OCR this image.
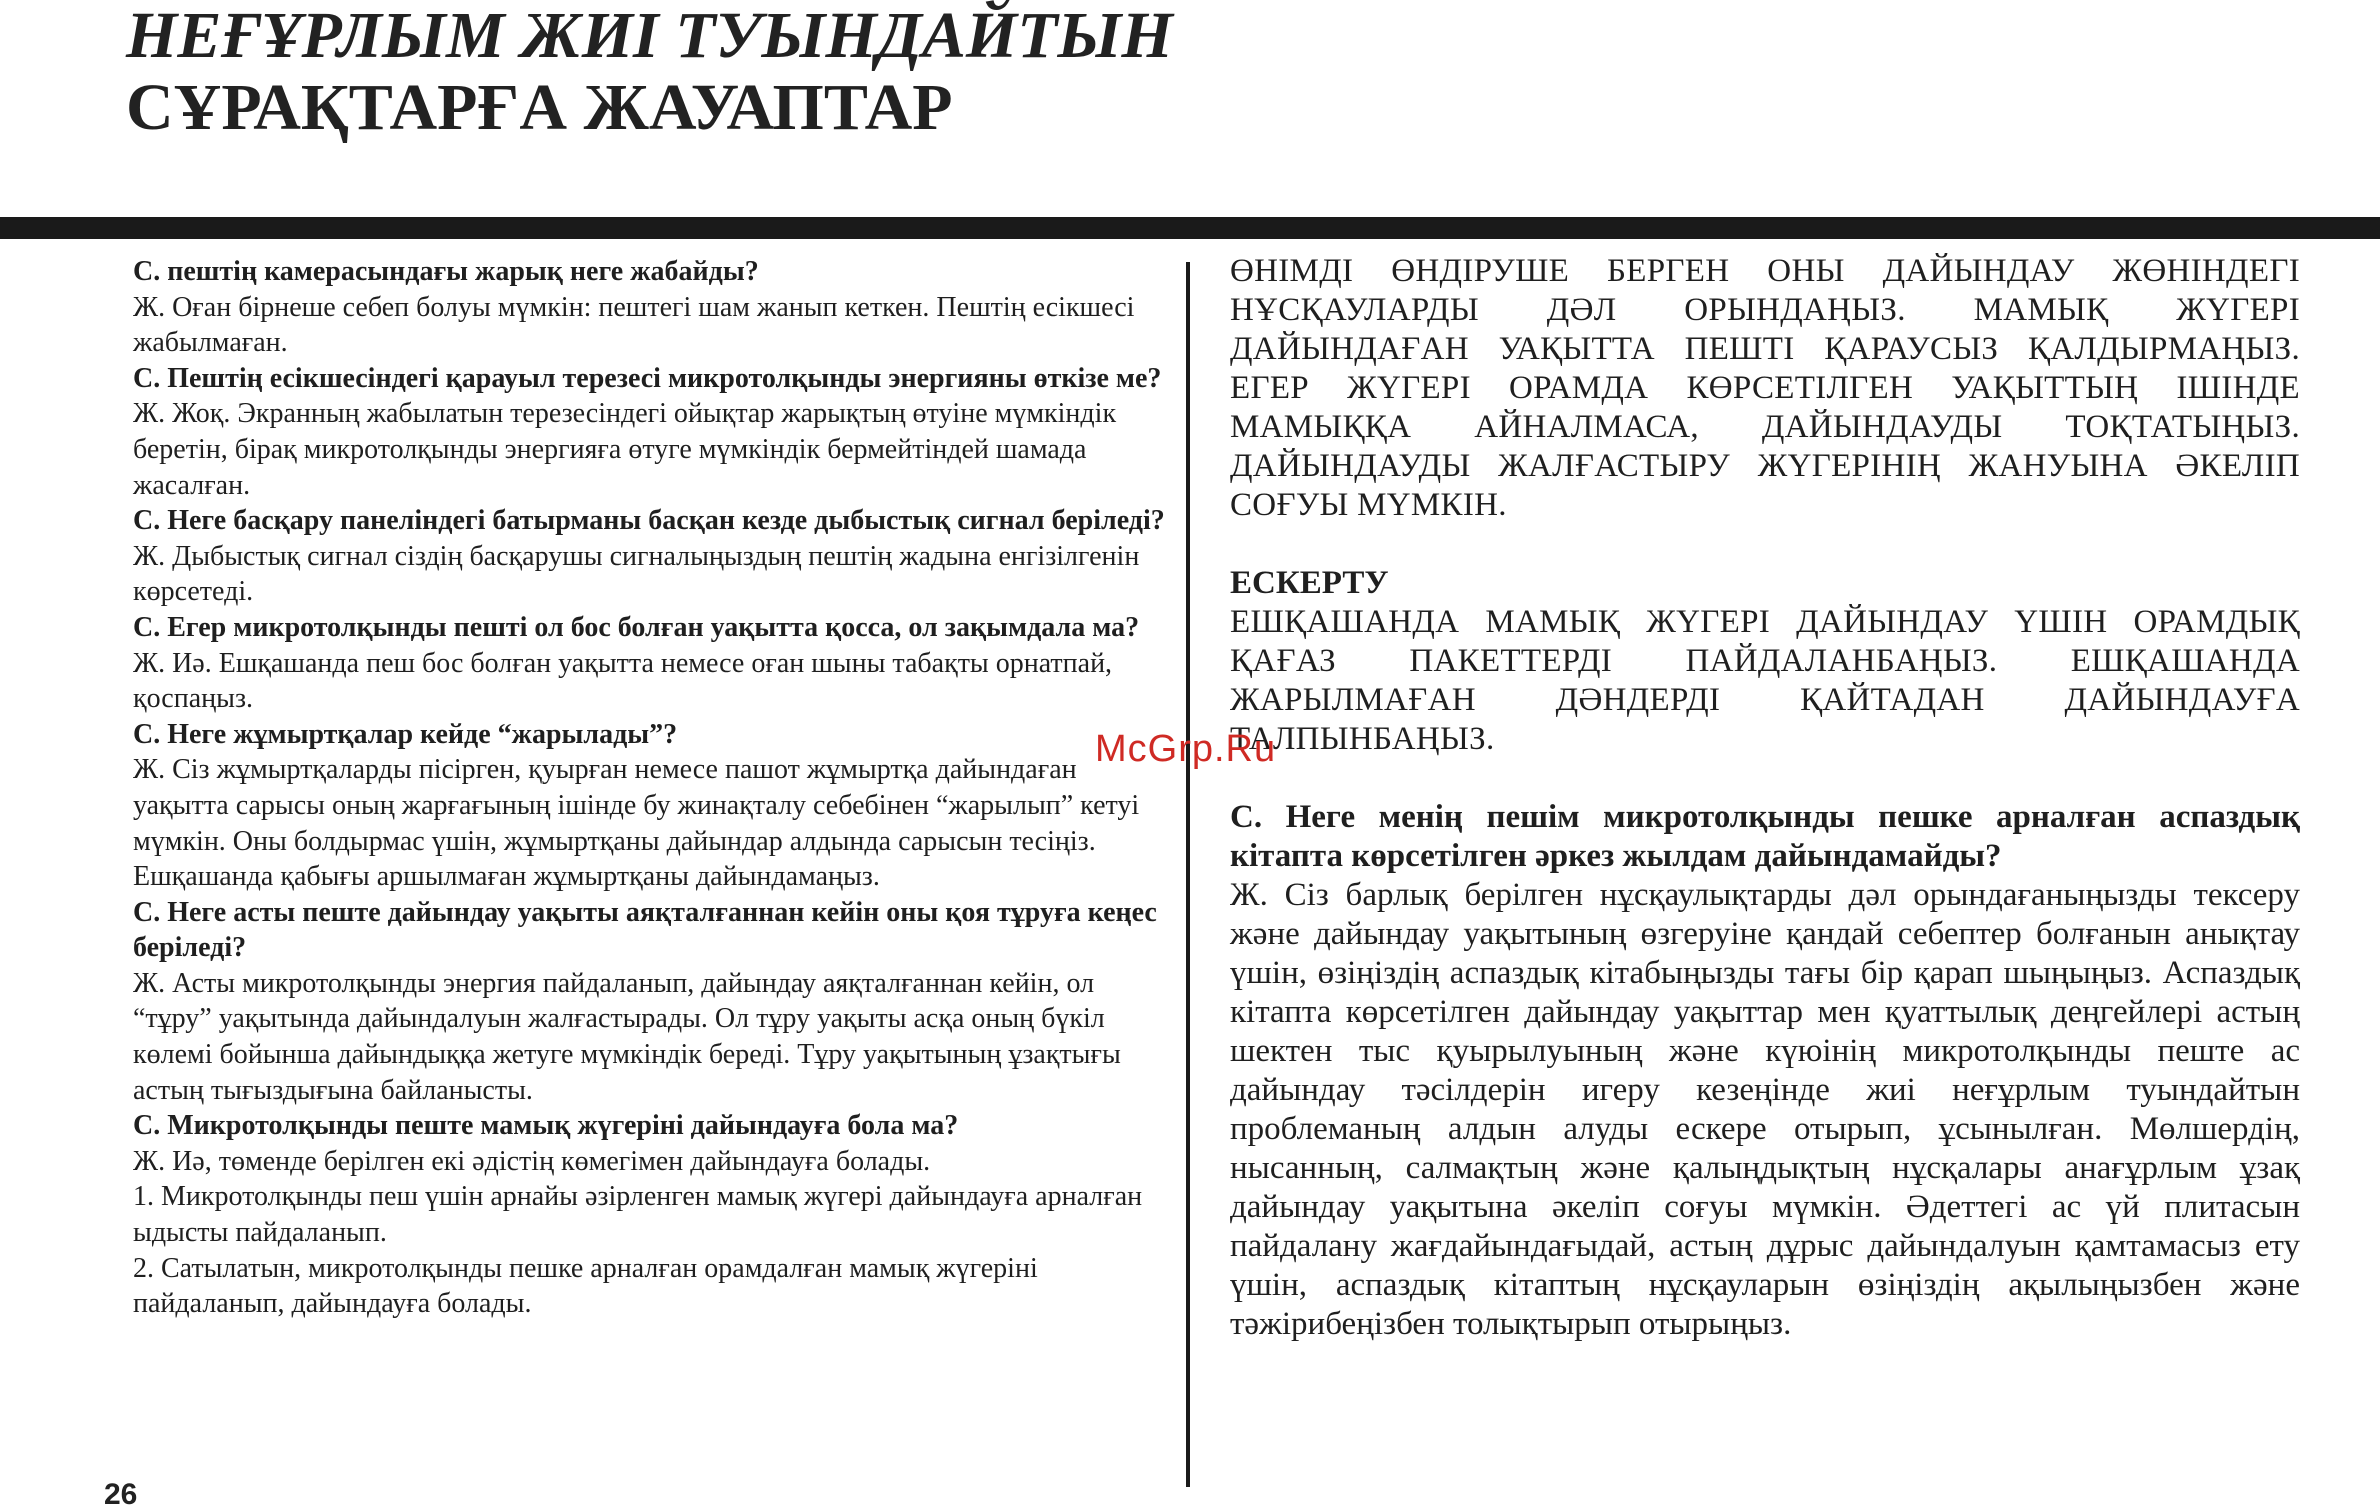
НЕҒҰРЛЫМ ЖИІ ТУЫНДАЙТЫН
СҰРАҚТАРҒА ЖАУАПТАР

С. пештің камерасындағы жарық неге жабайды?

Ж. Оған бірнеше себеп болуы мүмкін: пештегі шам жанып кеткен. Пештің есікшесі жабылмаған.

С. Пештің есікшесіндегі қарауыл терезесі микротолқынды энергияны өткізе ме?

Ж. Жоқ. Экранның жабылатын терезесіндегі ойықтар жарықтың өтуіне мүмкіндік беретін, бірақ микротолқынды энергияға өтуге мүмкіндік бермейтіндей шамада жасалған.

С. Неге басқару панеліндегі батырманы басқан кезде дыбыстық сигнал беріледі?

Ж. Дыбыстық сигнал сіздің басқарушы сигналыңыздың пештің жадына енгізілгенін көрсетеді.

С. Егер микротолқынды пешті ол бос болған уақытта қосса, ол зақымдала ма?

Ж. Иә. Ешқашанда пеш бос болған уақытта немесе оған шыны табақты орнатпай, қоспаңыз.

С. Неге жұмыртқалар кейде “жарылады”?

Ж. Сіз жұмыртқаларды пісірген, қуырған немесе пашот жұмыртқа дайындаған уақытта сарысы оның жарғағының ішінде бу жинақталу себебінен “жарылып” кетуі мүмкін. Оны болдырмас үшін, жұмыртқаны дайындар алдында сарысын тесіңіз. Ешқашанда қабығы аршылмаған жұмыртқаны дайындамаңыз.

С. Неге асты пеште дайындау уақыты аяқталғаннан кейін оны қоя тұруға кеңес беріледі?

Ж. Асты микротолқынды энергия пайдаланып, дайындау аяқталғаннан кейін, ол “тұру” уақытында дайындалуын жалғастырады. Ол тұру уақыты асқа оның бүкіл көлемі бойынша дайындыққа жетуге мүмкіндік береді. Тұру уақытының ұзақтығы астың тығыздығына байланысты.

С. Микротолқынды пеште мамық жүгеріні дайындауға бола ма?

Ж. Иә, төменде берілген екі әдістің көмегімен дайындауға болады.

1. Микротолқынды пеш үшін арнайы әзірленген мамық жүгері дайындауға арналған ыдысты пайдаланып.

2. Сатылатын, микротолқынды пешке арналған орамдалған мамық жүгеріні пайдаланып, дайындауға болады.

ӨНІМДІ ӨНДІРУШЕ БЕРГЕН ОНЫ ДАЙЫНДАУ ЖӨНІНДЕГІ НҰСҚАУЛАРДЫ ДӘЛ ОРЫНДАҢЫЗ. МАМЫҚ ЖҮГЕРІ ДАЙЫНДАҒАН УАҚЫТТА ПЕШТІ ҚАРАУСЫЗ ҚАЛДЫРМАҢЫЗ. ЕГЕР ЖҮГЕРІ ОРАМДА КӨРСЕТІЛГЕН УАҚЫТТЫҢ ІШІНДЕ МАМЫҚҚА АЙНАЛМАСА, ДАЙЫНДАУДЫ ТОҚТАТЫҢЫЗ. ДАЙЫНДАУДЫ ЖАЛҒАСТЫРУ ЖҮГЕРІНІҢ ЖАНУЫНА ӘКЕЛІП СОҒУЫ МҮМКІН.

ЕСКЕРТУ

ЕШҚАШАНДА МАМЫҚ ЖҮГЕРІ ДАЙЫНДАУ ҮШІН ОРАМДЫҚ ҚАҒАЗ ПАКЕТТЕРДІ ПАЙДАЛАНБАҢЫЗ. ЕШҚАШАНДА ЖАРЫЛМАҒАН ДӘНДЕРДІ ҚАЙТАДАН ДАЙЫНДАУҒА ТАЛПЫНБАҢЫЗ.

С. Неге менің пешім микротолқынды пешке арналған аспаздық кітапта көрсетілген әркез жылдам дайындамайды?

Ж. Сіз барлық берілген нұсқаулықтарды дәл орындағаныңызды тексеру және дайындау уақытының өзгеруіне қандай себептер болғанын анықтау үшін, өзіңіздің аспаздық кітабыңызды тағы бір қарап шыңыңыз. Аспаздық кітапта көрсетілген дайындау уақыттар мен қуаттылық деңгейлері астың шектен тыс қуырылуының және күюінің микротолқынды пеште ас дайындау тәсілдерін игеру кезеңінде жиі неғұрлым туындайтын проблеманың алдын алуды ескере отырып, ұсынылған. Мөлшердің, нысанның, салмақтың және қалыңдықтың нұсқалары анағұрлым ұзақ дайындау уақытына әкеліп соғуы мүмкін. Әдеттегі ас үй плитасын пайдалану жағдайындағыдай, астың дұрыс дайындалуын қамтамасыз ету үшін, аспаздық кітаптың нұсқауларын өзіңіздің ақылыңызбен және тәжірибеңізбен толықтырып отырыңыз.

McGrp.Ru
26
